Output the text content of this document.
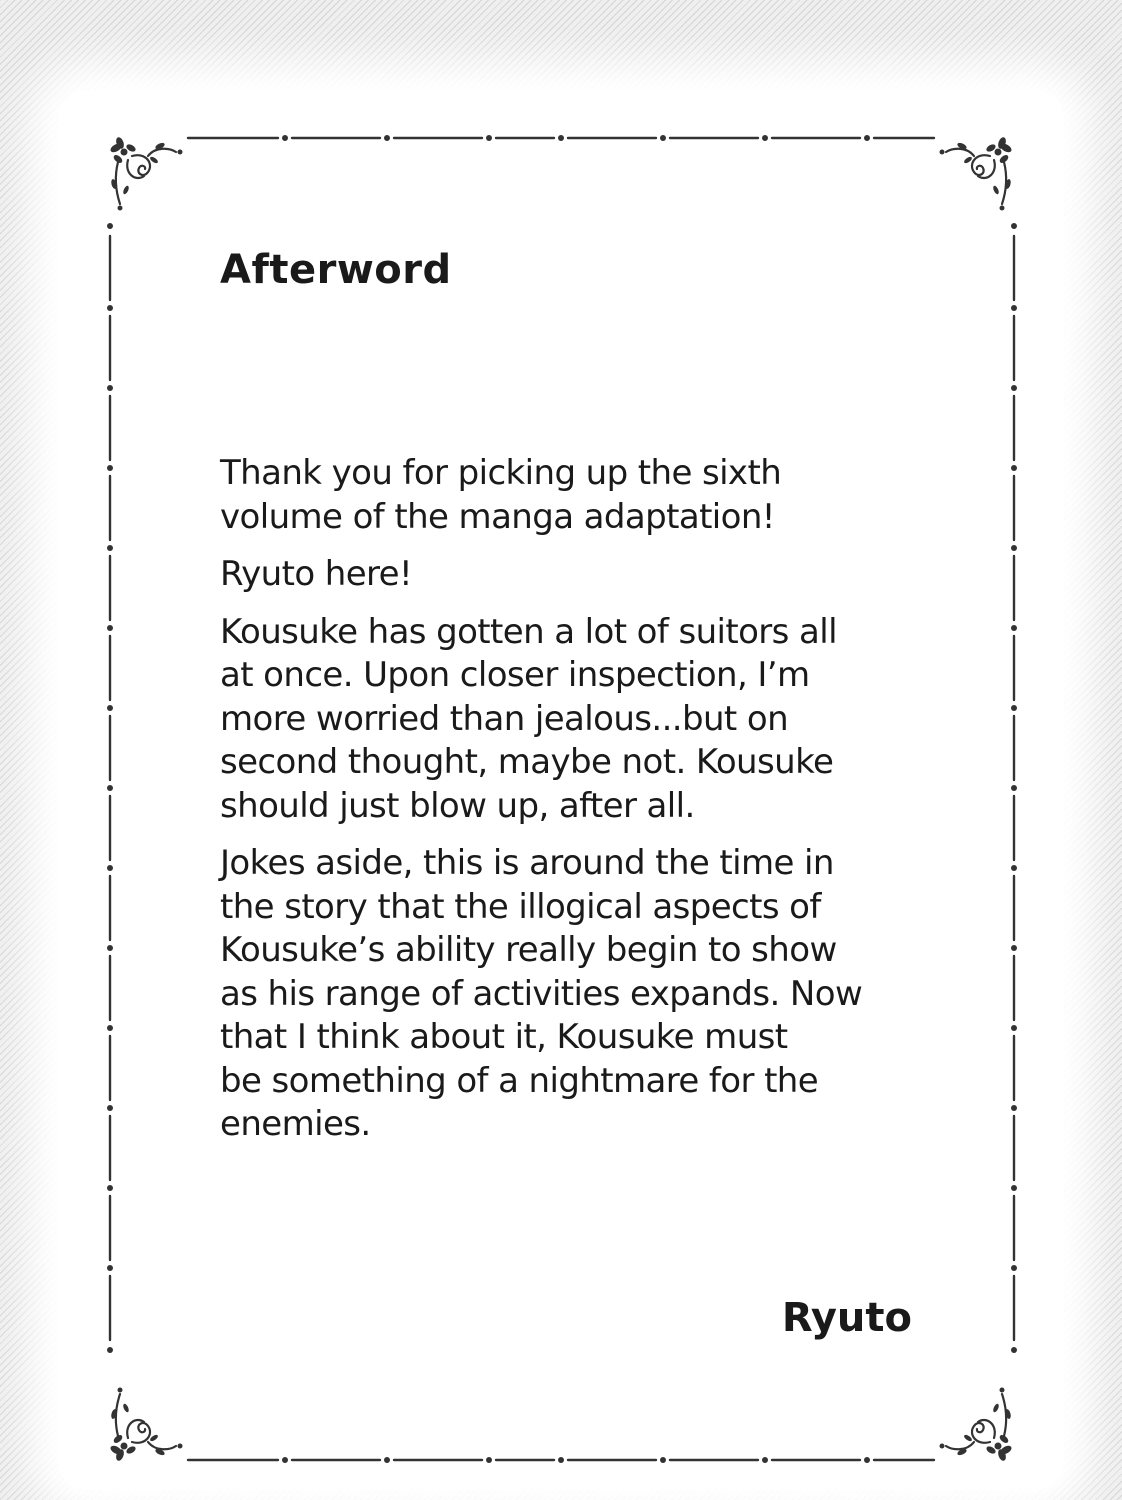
Afterword

Thank you for picking up the sixth
volume of the manga adaptation!

Ryuto here!

Kousuke has gotten a lot of suitors all
at once. Upon closer inspection, I’m
more worried than jealous...but on
second thought, maybe not. Kousuke
should just blow up, after all.

Jokes aside, this is around the time in
the story that the illogical aspects of
Kousuke’s ability really begin to show
as his range of activities expands. Now
that I think about it, Kousuke must
be something of a nightmare for the
enemies.

Ryuto
